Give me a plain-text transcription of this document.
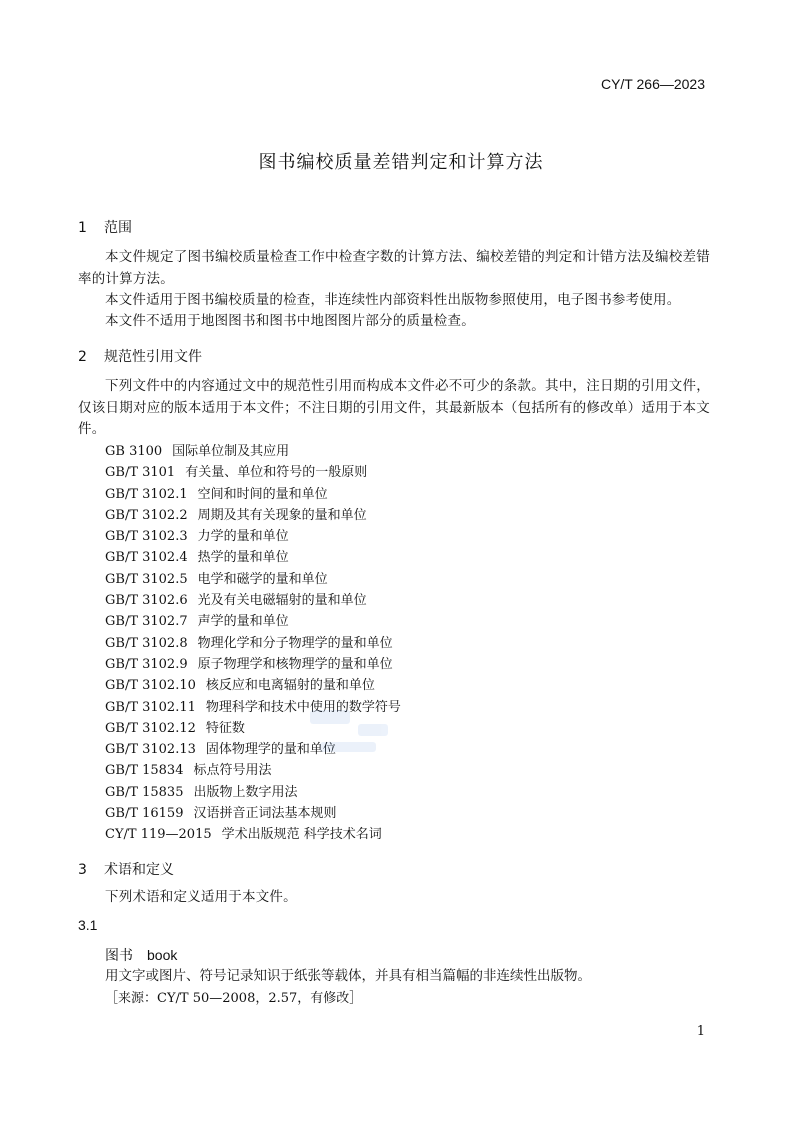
CY/T 266—2023
图书编校质量差错判定和计算方法
1 范围

本文件规定了图书编校质量检查工作中检查字数的计算方法、编校差错的判定和计错方法及编校差错率的计算方法。

本文件适用于图书编校质量的检查，非连续性内部资料性出版物参照使用，电子图书参考使用。

本文件不适用于地图图书和图书中地图图片部分的质量检查。

2 规范性引用文件

下列文件中的内容通过文中的规范性引用而构成本文件必不可少的条款。其中，注日期的引用文件，仅该日期对应的版本适用于本文件；不注日期的引用文件，其最新版本（包括所有的修改单）适用于本文件。

GB 3100 国际单位制及其应用
GB/T 3101 有关量、单位和符号的一般原则
GB/T 3102.1 空间和时间的量和单位
GB/T 3102.2 周期及其有关现象的量和单位
GB/T 3102.3 力学的量和单位
GB/T 3102.4 热学的量和单位
GB/T 3102.5 电学和磁学的量和单位
GB/T 3102.6 光及有关电磁辐射的量和单位
GB/T 3102.7 声学的量和单位
GB/T 3102.8 物理化学和分子物理学的量和单位
GB/T 3102.9 原子物理学和核物理学的量和单位
GB/T 3102.10 核反应和电离辐射的量和单位
GB/T 3102.11 物理科学和技术中使用的数学符号
GB/T 3102.12 特征数
GB/T 3102.13 固体物理学的量和单位
GB/T 15834 标点符号用法
GB/T 15835 出版物上数字用法
GB/T 16159 汉语拼音正词法基本规则
CY/T 119—2015 学术出版规范 科学技术名词
3 术语和定义

下列术语和定义适用于本文件。

3.1
图书 book
用文字或图片、符号记录知识于纸张等载体，并具有相当篇幅的非连续性出版物。
［来源：CY/T 50—2008，2.57，有修改］
1
